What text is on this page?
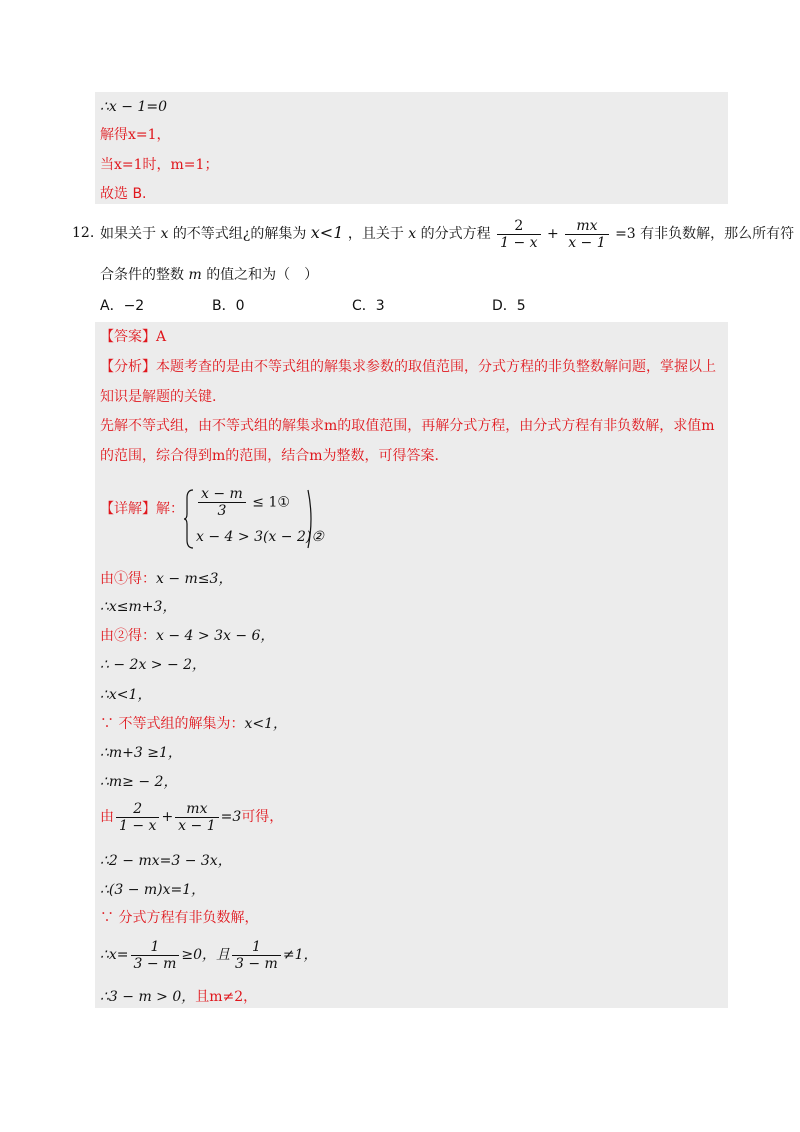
∴x − 1=0
解得x=1，
当x=1时，m=1；
故选 B.
12. 如果关于 x 的不等式组¿的解集为 x<1 ，且关于 x 的分式方程 $\frac{2}{1 - x} + \frac{mx}{x - 1} =3$ 有非负数解，那么所有符
合条件的整数 m 的值之和为（　）
A．−2	B．0	C．3	D．5
【答案】A
【分析】本题考查的是由不等式组的解集求参数的取值范围，分式方程的非负整数解问题，掌握以上
知识是解题的关键.
先解不等式组，由不等式组的解集求m的取值范围，再解分式方程，由分式方程有非负数解，求值m
的范围，综合得到m的范围，结合m为整数，可得答案.
【详解】解： $\frac{x - m}{3}$ ≤ 1①
x − 4 > 3(x − 2)②
由①得：x − m≤3，
∴x≤m+3，
由②得：x − 4 > 3x − 6，
∴ − 2x > − 2，
∴x<1，
∵ 不等式组的解集为：x<1，
∴m+3 ≥1，
∴m≥ − 2，
由 $\frac{2}{1 - x} + \frac{mx}{x - 1} =3$可得，
∴2 − mx=3 − 3x，
∴(3 − m)x=1，
∵ 分式方程有非负数解，
∴x= $\frac{1}{3 - m} \ge 0$，且 $\frac{1}{3 - m} \ne 1$，
∴3 − m > 0，且m≠2，
